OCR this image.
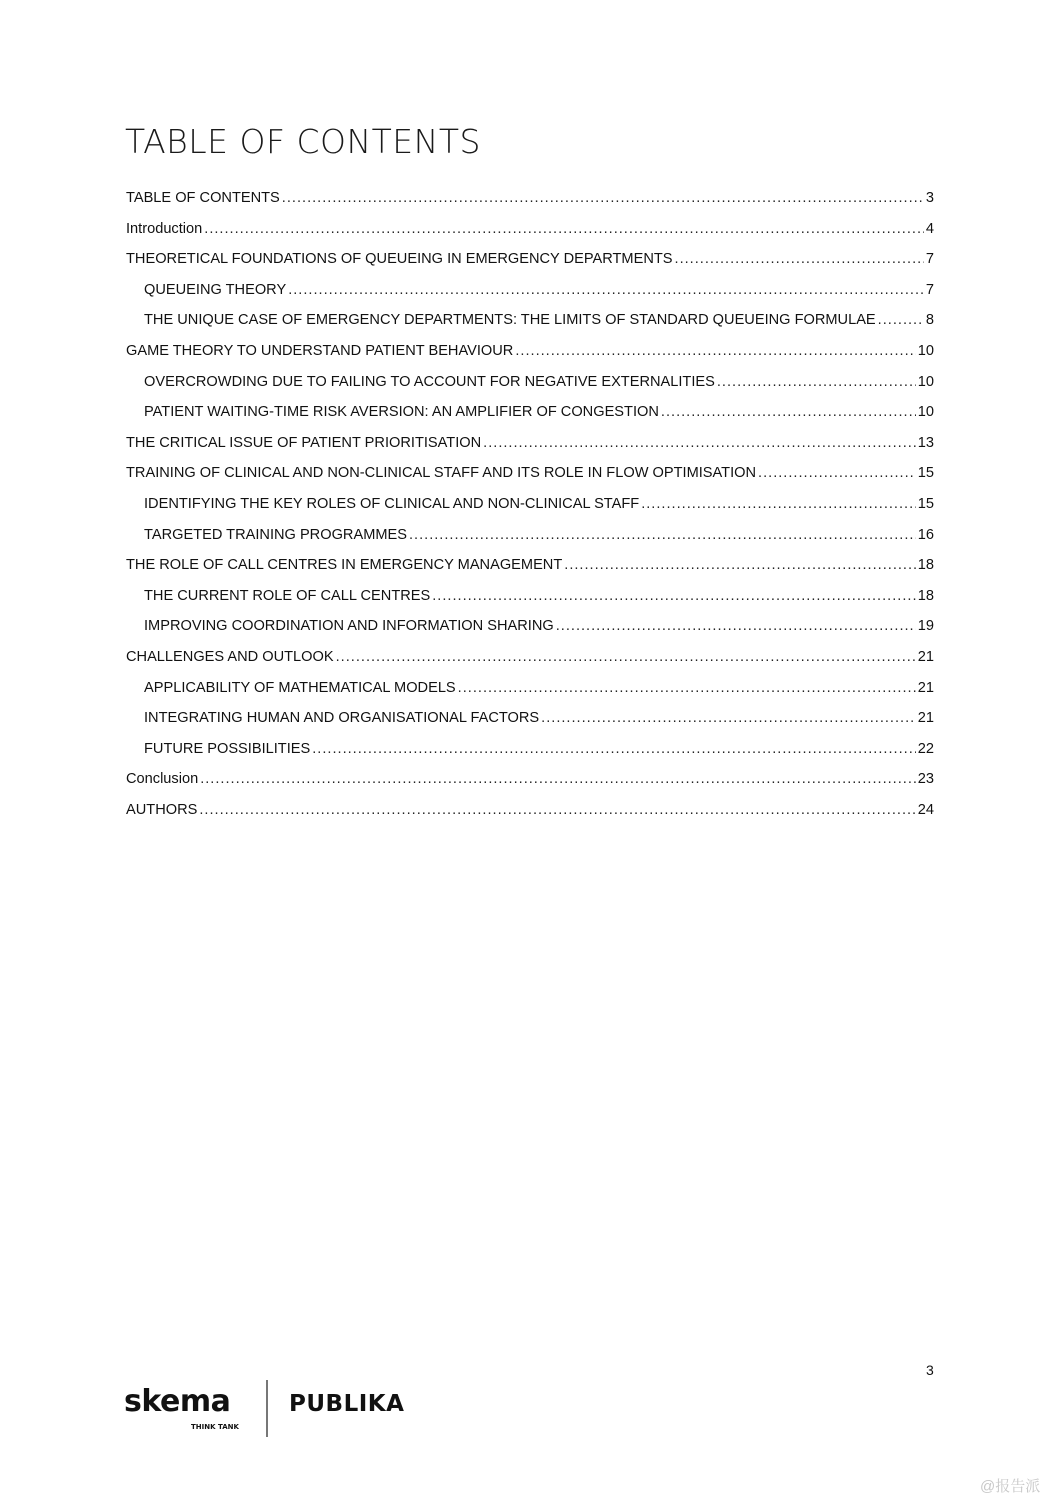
TABLE OF CONTENTS
TABLE OF CONTENTS .....	3
Introduction .....	4
THEORETICAL FOUNDATIONS OF QUEUEING IN EMERGENCY DEPARTMENTS .....	7
QUEUEING THEORY .....	7
THE UNIQUE CASE OF EMERGENCY DEPARTMENTS: THE LIMITS OF STANDARD QUEUEING FORMULAE .....	8
GAME THEORY TO UNDERSTAND PATIENT BEHAVIOUR .....	10
OVERCROWDING DUE TO FAILING TO ACCOUNT FOR NEGATIVE EXTERNALITIES .....	10
PATIENT WAITING-TIME RISK AVERSION: AN AMPLIFIER OF CONGESTION .....	10
THE CRITICAL ISSUE OF PATIENT PRIORITISATION .....	13
TRAINING OF CLINICAL AND NON-CLINICAL STAFF AND ITS ROLE IN FLOW OPTIMISATION .....	15
IDENTIFYING THE KEY ROLES OF CLINICAL AND NON-CLINICAL STAFF .....	15
TARGETED TRAINING PROGRAMMES .....	16
THE ROLE OF CALL CENTRES IN EMERGENCY MANAGEMENT .....	18
THE CURRENT ROLE OF CALL CENTRES .....	18
IMPROVING COORDINATION AND INFORMATION SHARING .....	19
CHALLENGES AND OUTLOOK .....	21
APPLICABILITY OF MATHEMATICAL MODELS .....	21
INTEGRATING HUMAN AND ORGANISATIONAL FACTORS .....	21
FUTURE POSSIBILITIES .....	22
Conclusion .....	23
AUTHORS .....	24
3
skema
THINK TANK
PUBLIKA
@报告派
